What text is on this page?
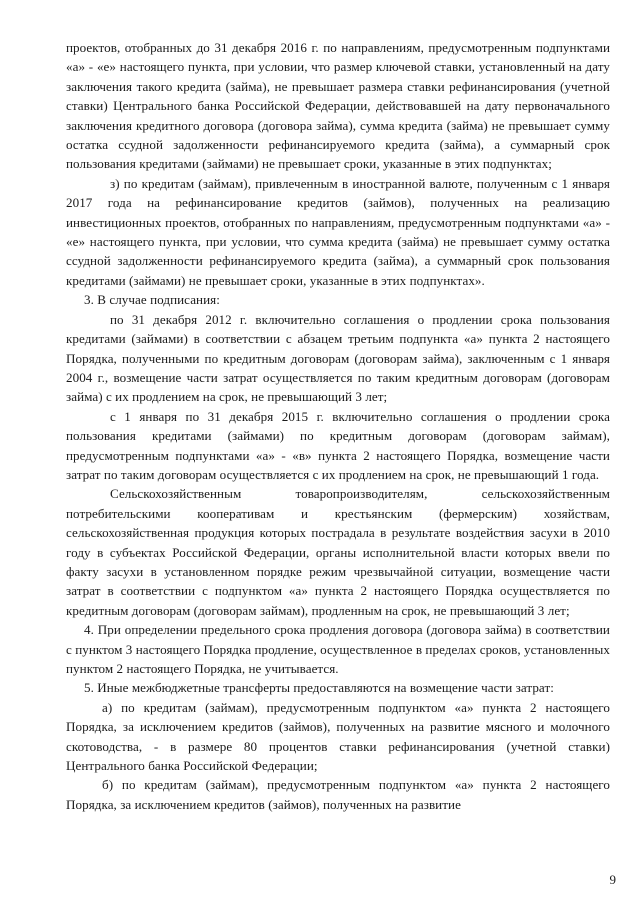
проектов, отобранных до 31 декабря 2016 г. по направлениям, предусмотренным подпунктами «а» - «е» настоящего пункта, при условии, что размер ключевой ставки, установленный на дату заключения такого кредита (займа), не превышает размера ставки рефинансирования (учетной ставки) Центрального банка Российской Федерации, действовавшей на дату первоначального заключения кредитного договора (договора займа), сумма кредита (займа) не превышает сумму остатка ссудной задолженности рефинансируемого кредита (займа), а суммарный срок пользования кредитами (займами) не превышает сроки, указанные в этих подпунктах;

з) по кредитам (займам), привлеченным в иностранной валюте, полученным с 1 января 2017 года на рефинансирование кредитов (займов), полученных на реализацию инвестиционных проектов, отобранных по направлениям, предусмотренным подпунктами «а» - «е» настоящего пункта, при условии, что сумма кредита (займа) не превышает сумму остатка ссудной задолженности рефинансируемого кредита (займа), а суммарный срок пользования кредитами (займами) не превышает сроки, указанные в этих подпунктах».

3. В случае подписания:

по 31 декабря 2012 г. включительно соглашения о продлении срока пользования кредитами (займами) в соответствии с абзацем третьим подпункта «а» пункта 2 настоящего Порядка, полученными по кредитным договорам (договорам займа), заключенным с 1 января 2004 г., возмещение части затрат осуществляется по таким кредитным договорам (договорам займа) с их продлением на срок, не превышающий 3 лет;

с 1 января по 31 декабря 2015 г. включительно соглашения о продлении срока пользования кредитами (займами) по кредитным договорам (договорам займам), предусмотренным подпунктами «а» - «в» пункта 2 настоящего Порядка, возмещение части затрат по таким договорам осуществляется с их продлением на срок, не превышающий 1 года.

Сельскохозяйственным товаропроизводителям, сельскохозяйственным потребительскими кооперативам и крестьянским (фермерским) хозяйствам, сельскохозяйственная продукция которых пострадала в результате воздействия засухи в 2010 году в субъектах Российской Федерации, органы исполнительной власти которых ввели по факту засухи в установленном порядке режим чрезвычайной ситуации, возмещение части затрат в соответствии с подпунктом «а» пункта 2 настоящего Порядка осуществляется по кредитным договорам (договорам займам), продленным на срок, не превышающий 3 лет;

4. При определении предельного срока продления договора (договора займа) в соответствии с пунктом 3 настоящего Порядка продление, осуществленное в пределах сроков, установленных пунктом 2 настоящего Порядка, не учитывается.

5. Иные межбюджетные трансферты предоставляются на возмещение части затрат:

а) по кредитам (займам), предусмотренным подпунктом «а» пункта 2 настоящего Порядка, за исключением кредитов (займов), полученных на развитие мясного и молочного скотоводства, - в размере 80 процентов ставки рефинансирования (учетной ставки) Центрального банка Российской Федерации;

б) по кредитам (займам), предусмотренным подпунктом «а» пункта 2 настоящего Порядка, за исключением кредитов (займов), полученных на развитие

9
